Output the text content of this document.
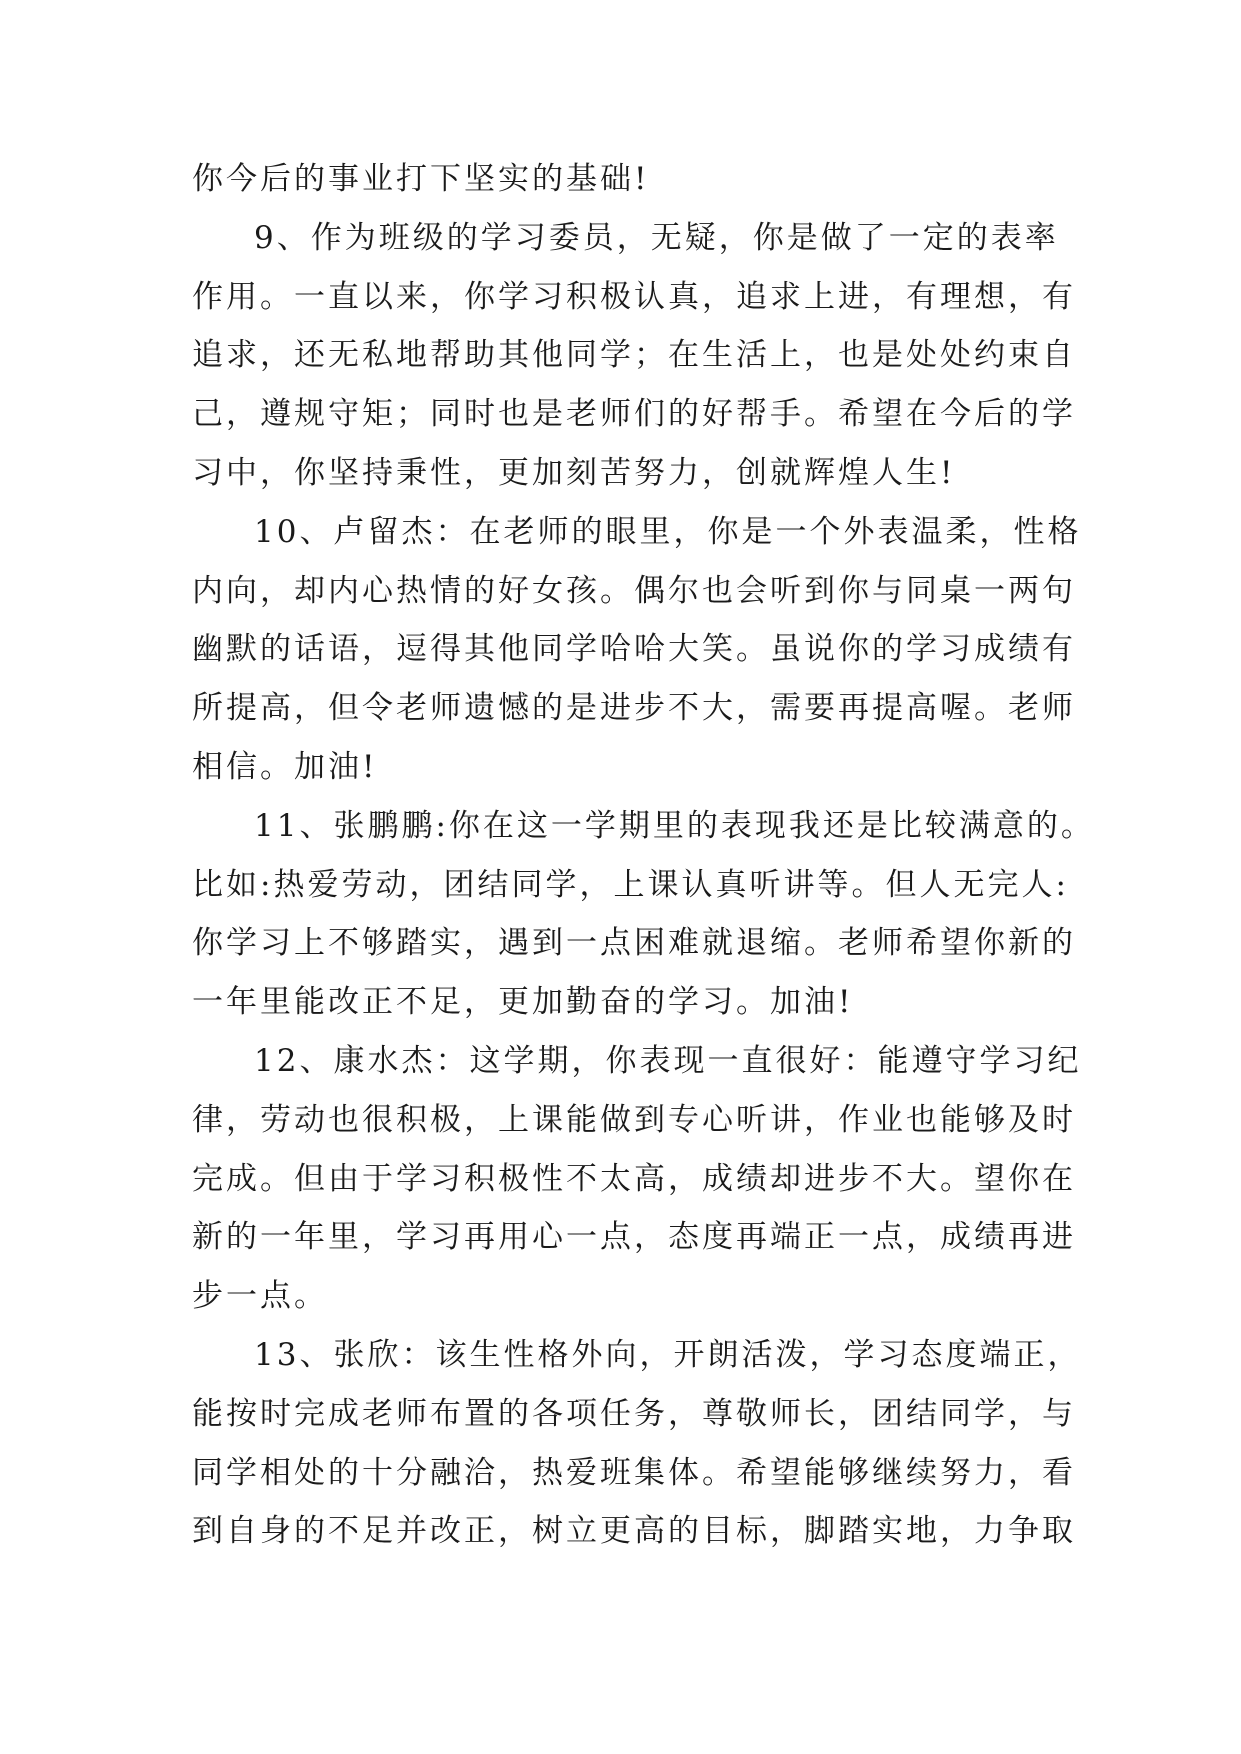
你今后的事业打下坚实的基础!
9、作为班级的学习委员，无疑，你是做了一定的表率
作用。一直以来，你学习积极认真，追求上进，有理想，有
追求，还无私地帮助其他同学；在生活上，也是处处约束自
己，遵规守矩；同时也是老师们的好帮手。希望在今后的学
习中，你坚持秉性，更加刻苦努力，创就辉煌人生!
10、卢留杰：在老师的眼里，你是一个外表温柔，性格
内向，却内心热情的好女孩。偶尔也会听到你与同桌一两句
幽默的话语，逗得其他同学哈哈大笑。虽说你的学习成绩有
所提高，但令老师遗憾的是进步不大，需要再提高喔。老师
相信。加油!
11、张鹏鹏:你在这一学期里的表现我还是比较满意的。
比如:热爱劳动，团结同学，上课认真听讲等。但人无完人:
你学习上不够踏实，遇到一点困难就退缩。老师希望你新的
一年里能改正不足，更加勤奋的学习。加油!
12、康水杰：这学期，你表现一直很好：能遵守学习纪
律，劳动也很积极，上课能做到专心听讲，作业也能够及时
完成。但由于学习积极性不太高，成绩却进步不大。望你在
新的一年里，学习再用心一点，态度再端正一点，成绩再进
步一点。
13、张欣：该生性格外向，开朗活泼，学习态度端正，
能按时完成老师布置的各项任务，尊敬师长，团结同学，与
同学相处的十分融洽，热爱班集体。希望能够继续努力，看
到自身的不足并改正，树立更高的目标，脚踏实地，力争取
